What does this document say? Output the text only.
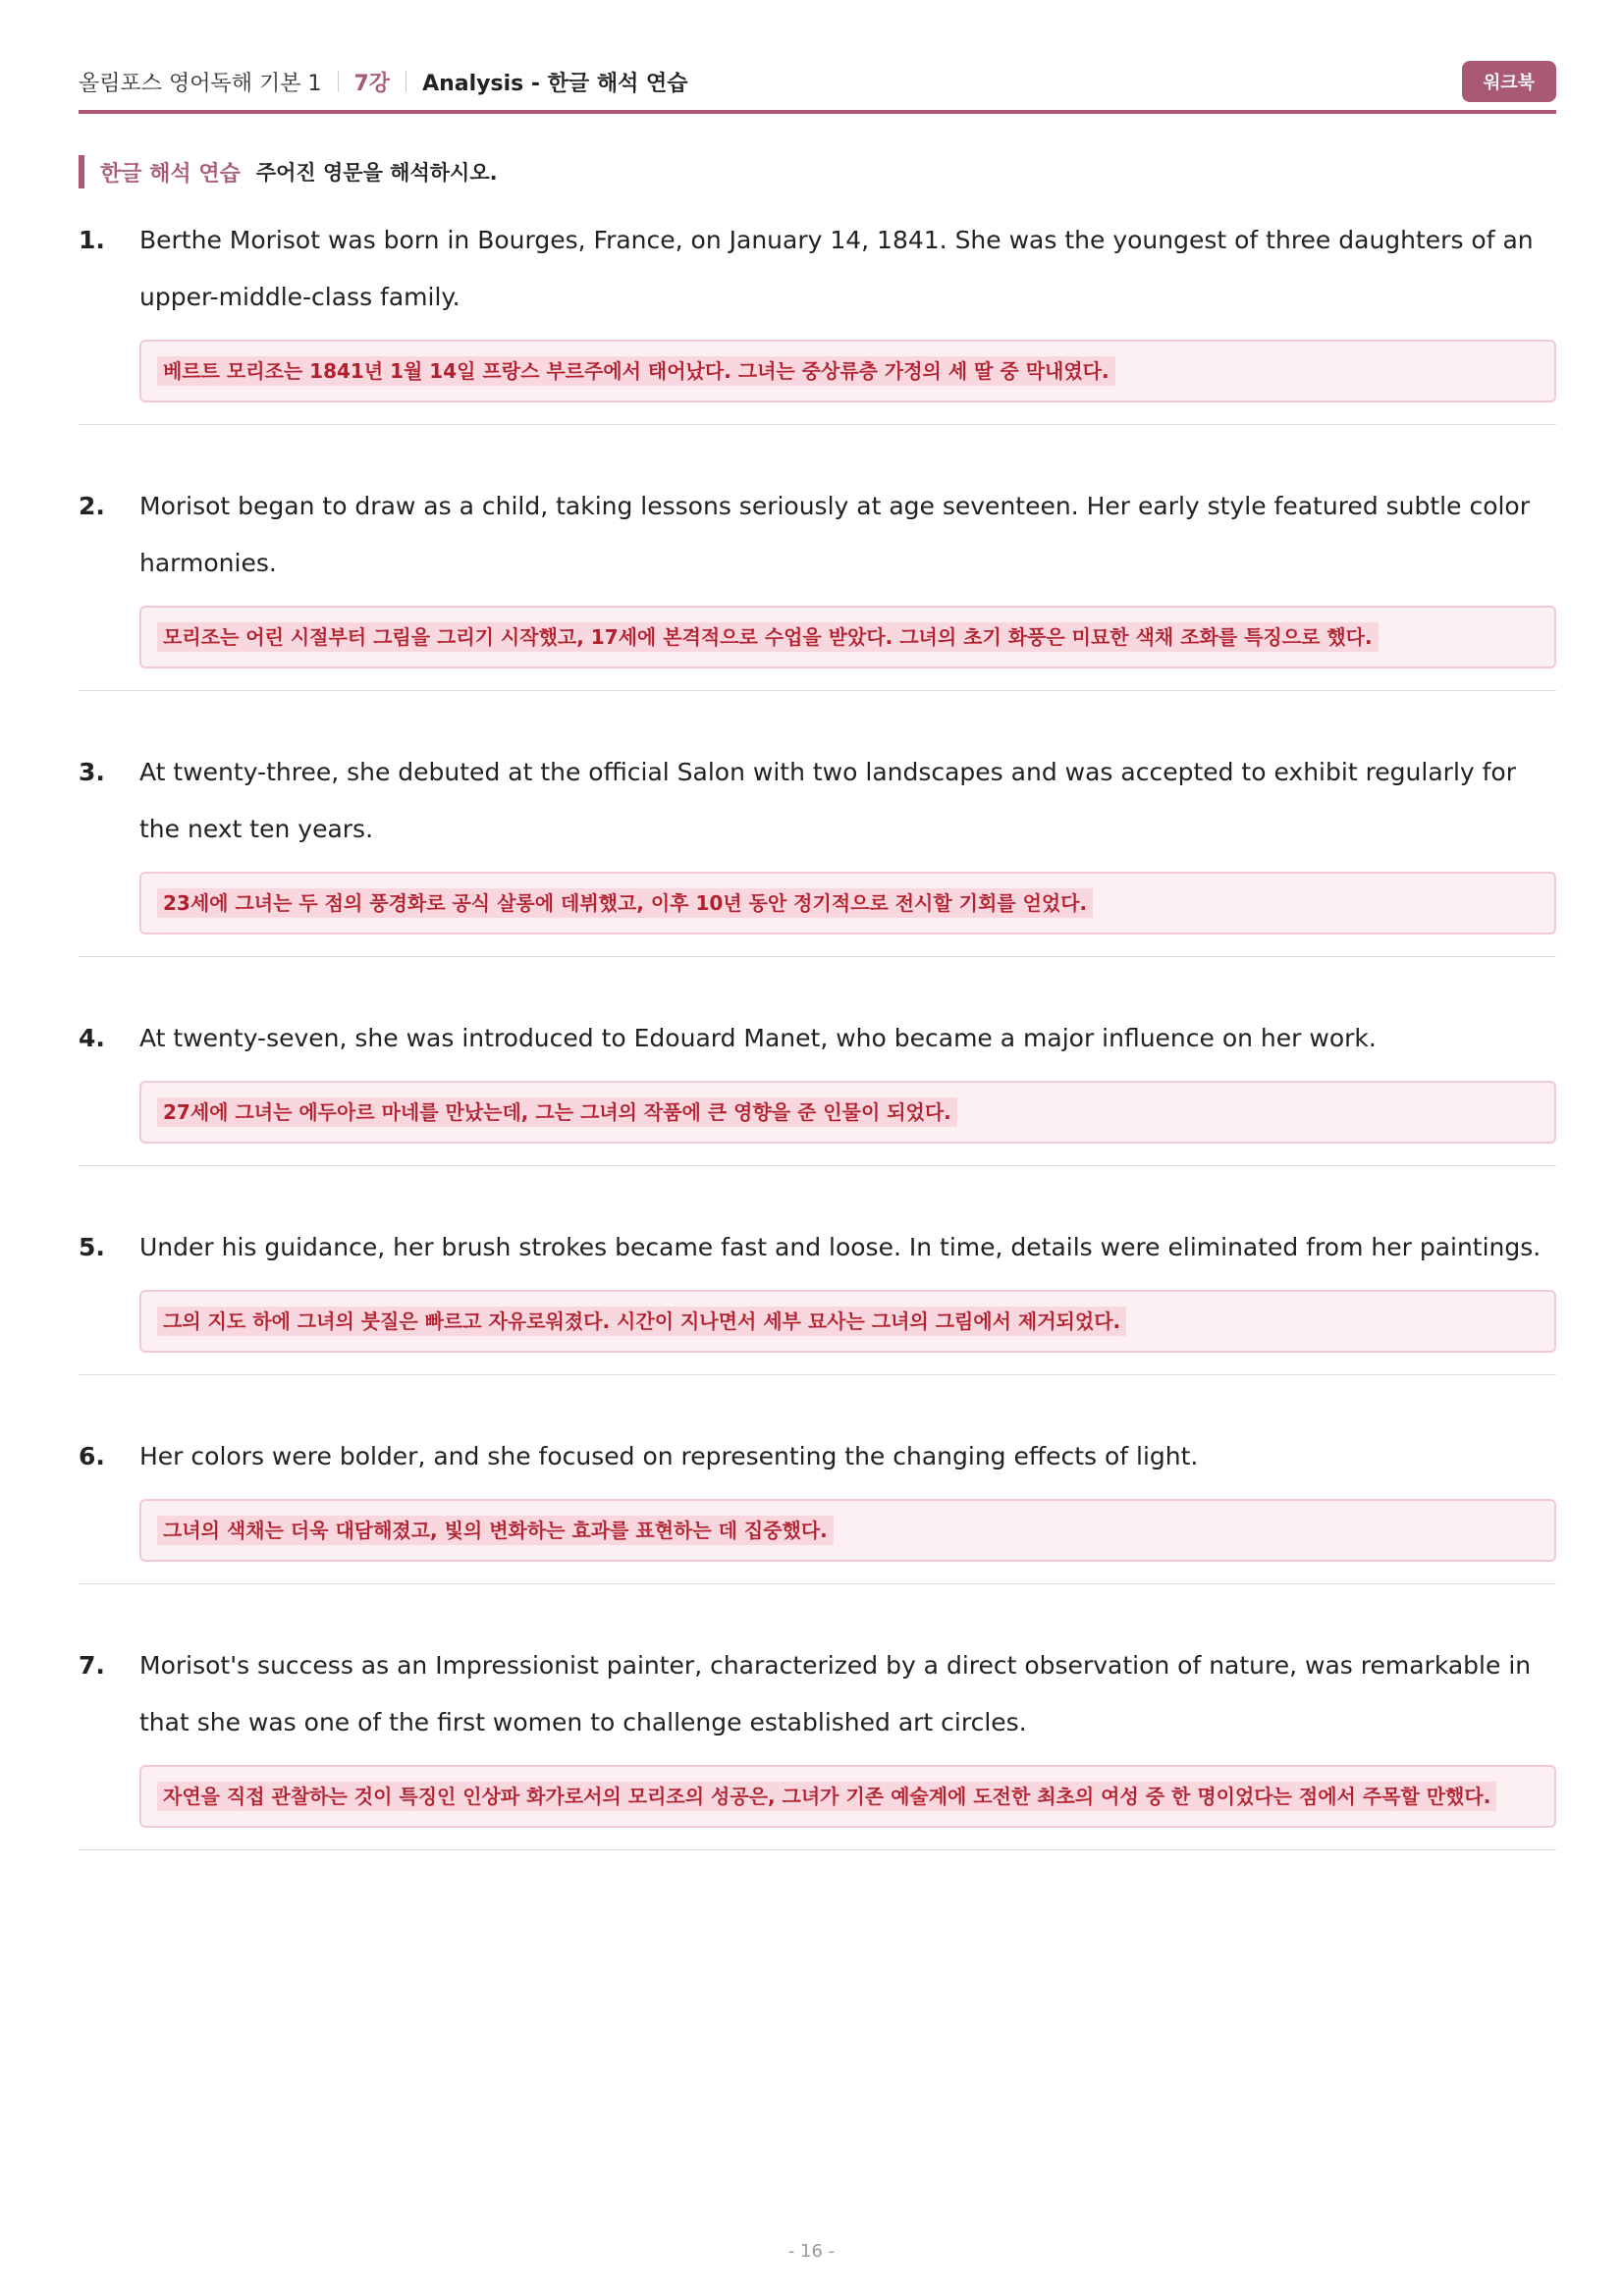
올림포스 영어독해 기본 1 7강 Analysis - 한글 해석 연습	워크북
한글 해석 연습 주어진 영문을 해석하시오.
1.	Berthe Morisot was born in Bourges, France, on January 14, 1841. She was the youngest of three daughters of an upper-middle-class family.
베르트 모리조는 1841년 1월 14일 프랑스 부르주에서 태어났다. 그녀는 중상류층 가정의 세 딸 중 막내였다.
2.	Morisot began to draw as a child, taking lessons seriously at age seventeen. Her early style featured subtle color harmonies.
모리조는 어린 시절부터 그림을 그리기 시작했고, 17세에 본격적으로 수업을 받았다. 그녀의 초기 화풍은 미묘한 색채 조화를 특징으로 했다.
3.	At twenty-three, she debuted at the official Salon with two landscapes and was accepted to exhibit regularly for the next ten years.
23세에 그녀는 두 점의 풍경화로 공식 살롱에 데뷔했고, 이후 10년 동안 정기적으로 전시할 기회를 얻었다.
4.	At twenty-seven, she was introduced to Edouard Manet, who became a major influence on her work.
27세에 그녀는 에두아르 마네를 만났는데, 그는 그녀의 작품에 큰 영향을 준 인물이 되었다.
5.	Under his guidance, her brush strokes became fast and loose. In time, details were eliminated from her paintings.
그의 지도 하에 그녀의 붓질은 빠르고 자유로워졌다. 시간이 지나면서 세부 묘사는 그녀의 그림에서 제거되었다.
6.	Her colors were bolder, and she focused on representing the changing effects of light.
그녀의 색채는 더욱 대담해졌고, 빛의 변화하는 효과를 표현하는 데 집중했다.
7.	Morisot's success as an Impressionist painter, characterized by a direct observation of nature, was remarkable in that she was one of the first women to challenge established art circles.
자연을 직접 관찰하는 것이 특징인 인상파 화가로서의 모리조의 성공은, 그녀가 기존 예술계에 도전한 최초의 여성 중 한 명이었다는 점에서 주목할 만했다.
- 16 -
